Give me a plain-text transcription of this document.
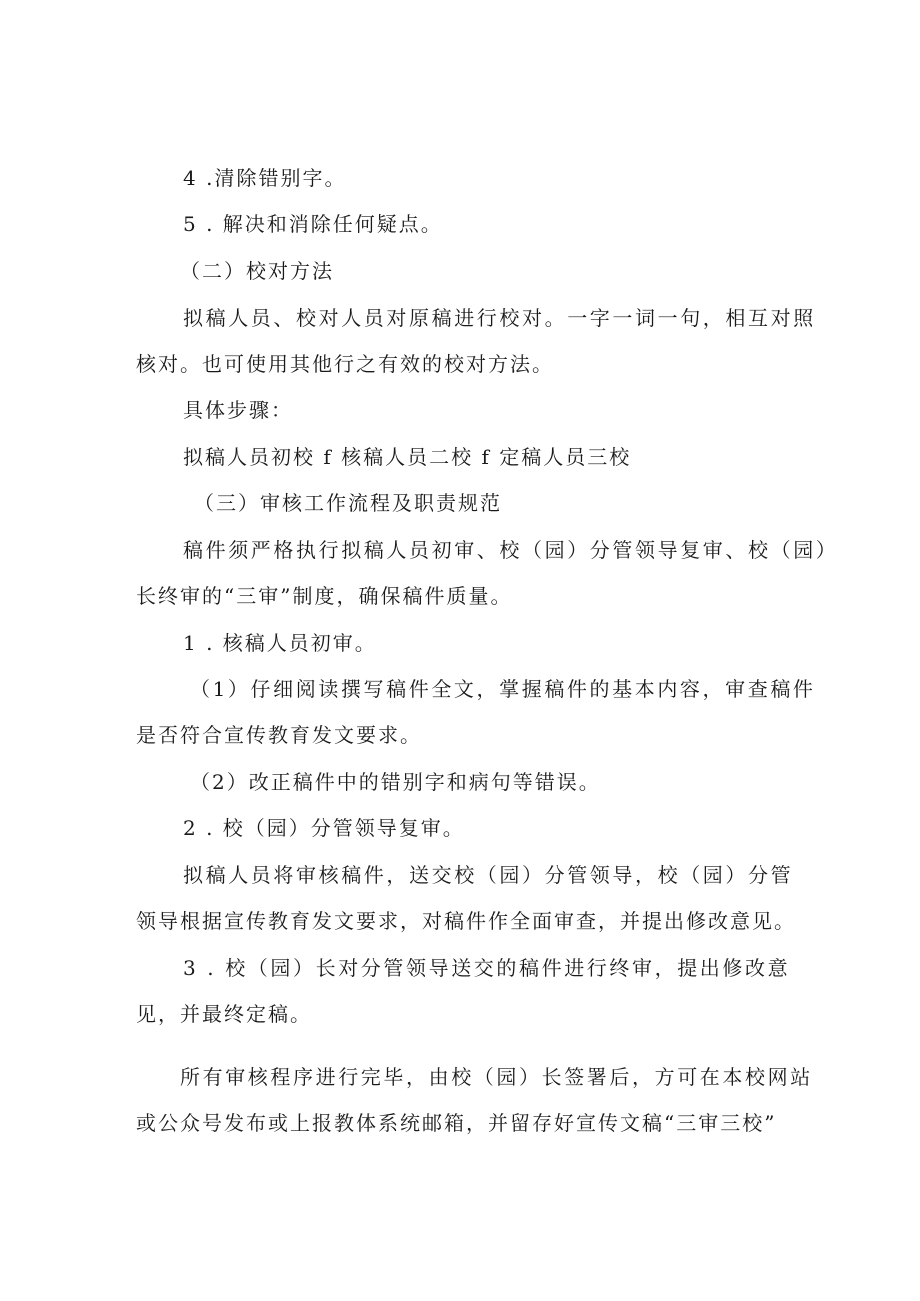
4 .清除错别字。
5 . 解决和消除任何疑点。
（二）校对方法
拟稿人员、校对人员对原稿进行校对。一字一词一句，相互对照
核对。也可使用其他行之有效的校对方法。
具体步骤：
拟稿人员初校 f 核稿人员二校 f 定稿人员三校
（三）审核工作流程及职责规范
稿件须严格执行拟稿人员初审、校（园）分管领导复审、校（园）
长终审的“三审”制度，确保稿件质量。
1 . 核稿人员初审。
（1）仔细阅读撰写稿件全文，掌握稿件的基本内容，审查稿件
是否符合宣传教育发文要求。
（2）改正稿件中的错别字和病句等错误。
2 . 校（园）分管领导复审。
拟稿人员将审核稿件，送交校（园）分管领导，校（园）分管
领导根据宣传教育发文要求，对稿件作全面审查，并提出修改意见。
3 . 校（园）长对分管领导送交的稿件进行终审，提出修改意
见，并最终定稿。
所有审核程序进行完毕，由校（园）长签署后，方可在本校网站
或公众号发布或上报教体系统邮箱，并留存好宣传文稿“三审三校”
